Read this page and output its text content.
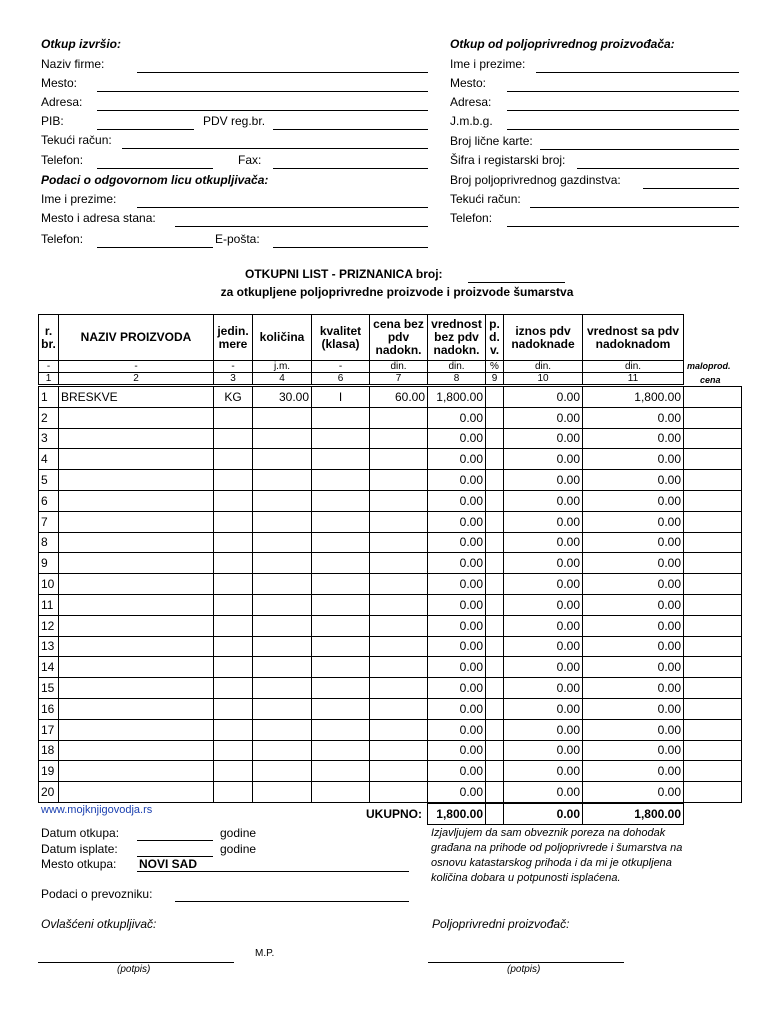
Otkup izvršio:
Naziv firme:
Mesto:
Adresa:
PIB:	PDV reg.br.
Tekući račun:
Telefon:	Fax:
Podaci o odgovornom licu otkupljivača:
Ime i prezime:
Mesto i adresa stana:
Telefon:	E-pošta:
Otkup od poljoprivrednog proizvođača:
Ime i prezime:
Mesto:
Adresa:
J.m.b.g.
Broj lične karte:
Šifra i registarski broj:
Broj poljoprivrednog gazdinstva:
Tekući račun:
Telefon:
OTKUPNI LIST - PRIZNANICA broj:
za otkupljene poljoprivredne proizvode i proizvode šumarstva
r. br.	NAZIV PROIZVODA	jedin. mere	količina	kvalitet (klasa)	cena bez pdv nadokn.	vrednost bez pdv nadokn.	p. d. v.	iznos pdv nadoknade	vrednost sa pdv nadoknadom
-	-	-	j.m.	-	din.	din.	%	din.	din.
1	2	3	4	6	7	8	9	10	11
maloprod.
cena
1	BRESKVE	KG	30.00	I	60.00	1,800.00		0.00	1,800.00	
2						0.00		0.00	0.00	
3						0.00		0.00	0.00	
4						0.00		0.00	0.00	
5						0.00		0.00	0.00	
6						0.00		0.00	0.00	
7						0.00		0.00	0.00	
8						0.00		0.00	0.00	
9						0.00		0.00	0.00	
10						0.00		0.00	0.00	
11						0.00		0.00	0.00	
12						0.00		0.00	0.00	
13						0.00		0.00	0.00	
14						0.00		0.00	0.00	
15						0.00		0.00	0.00	
16						0.00		0.00	0.00	
17						0.00		0.00	0.00	
18						0.00		0.00	0.00	
19						0.00		0.00	0.00	
20						0.00		0.00	0.00	
www.mojknjigovodja.rs	UKUPNO: 1,800.00		0.00	1,800.00
Datum otkupa:	godine
Datum isplate:	godine
Mesto otkupa: NOVI SAD
Podaci o prevozniku:
Izjavljujem da sam obveznik poreza na dohodak građana na prihode od poljoprivrede i šumarstva na osnovu katastarskog prihoda i da mi je otkupljena količina dobara u potpunosti isplaćena.
Ovlašćeni otkupljivač:	Poljoprivredni proizvođač:
M.P.
(potpis)	(potpis)
